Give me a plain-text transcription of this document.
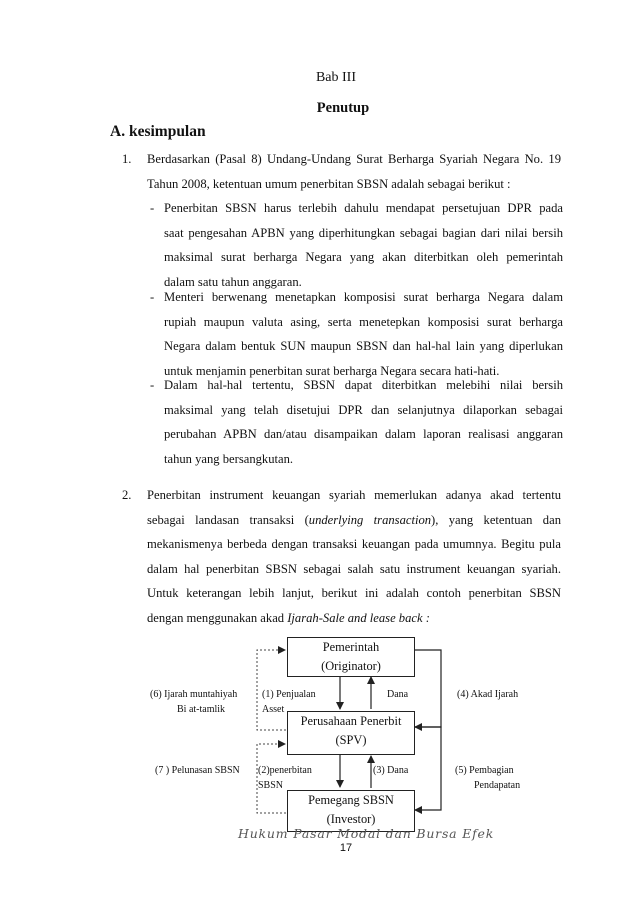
Bab III
Penutup
A. kesimpulan
1. Berdasarkan (Pasal 8) Undang-Undang Surat Berharga Syariah Negara No. 19

Tahun 2008, ketentuan umum penerbitan SBSN adalah sebagai berikut :

- Penerbitan SBSN harus terlebih dahulu mendapat persetujuan DPR pada
saat pengesahan APBN yang diperhitungkan sebagai bagian dari nilai bersih
maksimal surat berharga Negara yang akan diterbitkan oleh pemerintah
dalam satu tahun anggaran.
- Menteri berwenang menetapkan komposisi surat berharga Negara dalam
rupiah maupun valuta asing, serta menetepkan komposisi surat berharga
Negara dalam bentuk SUN maupun SBSN dan hal-hal lain yang diperlukan
untuk menjamin penerbitan surat berharga Negara secara hati-hati.
- Dalam hal-hal tertentu, SBSN dapat diterbitkan melebihi nilai bersih
maksimal yang telah disetujui DPR dan selanjutnya dilaporkan sebagai
perubahan APBN dan/atau disampaikan dalam laporan realisasi anggaran
tahun yang bersangkutan.
2. Penerbitan instrument keuangan syariah memerlukan adanya akad tertentu

sebagai landasan transaksi (underlying transaction), yang ketentuan dan

mekanismenya berbeda dengan transaksi keuangan pada umumnya. Begitu pula

dalam hal penerbitan SBSN sebagai salah satu instrument keuangan syariah.

Untuk keterangan lebih lanjut, berikut ini adalah contoh penerbitan SBSN

dengan menggunakan akad Ijarah-Sale and lease back :

Pemerintah
(Originator)
Perusahaan Penerbit
(SPV)
Pemegang SBSN
(Investor)
(6) Ijarah muntahiyah
Bi at-tamlik
(1) Penjualan
Asset
Dana	(4) Akad Ijarah
(7 ) Pelunasan SBSN (2)penerbitan
SBSN
(3) Dana	(5) Pembagian
Pendapatan
Hukum Pasar Modal dan Bursa Efek
17
